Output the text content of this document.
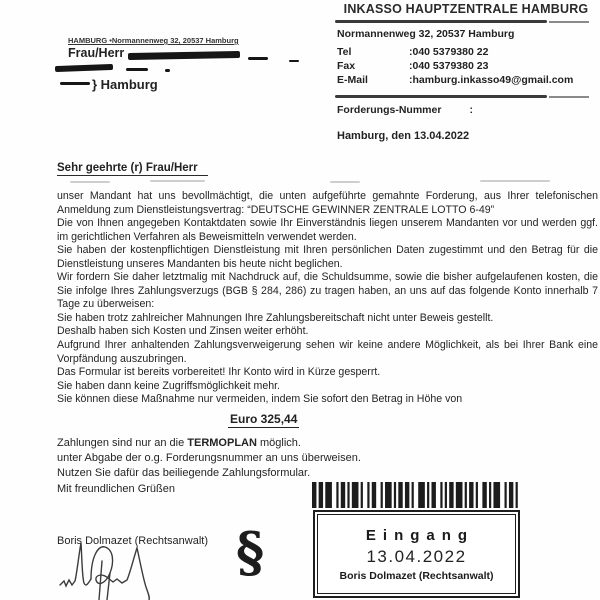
INKASSO HAUPTZENTRALE HAMBURG
Normannenweg 32, 20537 Hamburg
Tel	:040 5379380 22
Fax	:040 5379380 23
E-Mail	:hamburg.inkasso49@gmail.com
Forderungs-Nummer	:
Hamburg, den 13.04.2022
HAMBURG •Normannenweg 32, 20537 Hamburg
Frau/Herr
} Hamburg
Sehr geehrte (r) Frau/Herr

unser Mandant hat uns bevollmächtigt, die unten aufgeführte gemahnte Forderung, aus Ihrer telefonischen Anmeldung zum Dienstleistungsvertrag: “DEUTSCHE GEWINNER ZENTRALE LOTTO 6-49”

Die von Ihnen angegeben Kontaktdaten sowie Ihr Einverständnis liegen unserem Mandanten vor und werden ggf. im gerichtlichen Verfahren als Beweismitteln verwendet werden.

Sie haben der kostenpflichtigen Dienstleistung mit Ihren persönlichen Daten zugestimmt und den Betrag für die Dienstleistung unseres Mandanten bis heute nicht beglichen.

Wir fordern Sie daher letztmalig mit Nachdruck auf, die Schuldsumme, sowie die bisher aufgelaufenen kosten, die Sie infolge Ihres Zahlungsverzugs (BGB § 284, 286) zu tragen haben, an uns auf das folgende Konto innerhalb 7 Tage zu überweisen:

Sie haben trotz zahlreicher Mahnungen Ihre Zahlungsbereitschaft nicht unter Beweis gestellt.

Deshalb haben sich Kosten und Zinsen weiter erhöht.

Aufgrund Ihrer anhaltenden Zahlungsverweigerung sehen wir keine andere Möglichkeit, als bei Ihrer Bank eine Vorpfändung auszubringen.

Das Formular ist bereits vorbereitet! Ihr Konto wird in Kürze gesperrt.

Sie haben dann keine Zugriffsmöglichkeit mehr.

Sie können diese Maßnahme nur vermeiden, indem Sie sofort den Betrag in Höhe von

Euro 325,44
Zahlungen sind nur an die TERMOPLAN möglich.
unter Abgabe der o.g. Forderungsnummer an uns überweisen.
Nutzen Sie dafür das beiliegende Zahlungsformular.
Mit freundlichen Grüßen
Boris Dolmazet (Rechtsanwalt) §	Eingang
13.04.2022
Boris Dolmazet (Rechtsanwalt)
